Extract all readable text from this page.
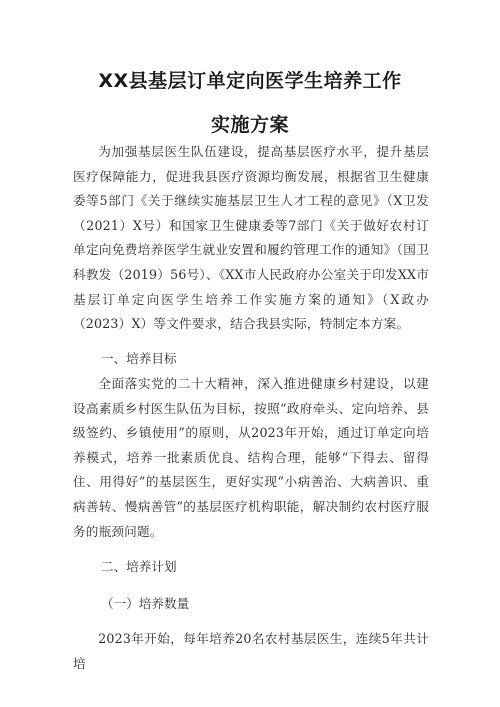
XX县基层订单定向医学生培养工作
实施方案

为加强基层医生队伍建设，提高基层医疗水平，提升基层医疗保障能力，促进我县医疗资源均衡发展，根据省卫生健康委等5部门《关于继续实施基层卫生人才工程的意见》（X卫发（2021）X号）和国家卫生健康委等7部门《关于做好农村订单定向免费培养医学生就业安置和履约管理工作的通知》（国卫科教发（2019）56号）、《XX市人民政府办公室关于印发XX市基层订单定向医学生培养工作实施方案的通知》（X政办（2023）X）等文件要求，结合我县实际，特制定本方案。

一、培养目标

全面落实党的二十大精神，深入推进健康乡村建设，以建设高素质乡村医生队伍为目标，按照“政府牵头、定向培养、县级签约、乡镇使用”的原则，从2023年开始，通过订单定向培养模式，培养一批素质优良、结构合理，能够“下得去、留得住、用得好”的基层医生，更好实现“小病善治、大病善识、重病善转、慢病善管”的基层医疗机构职能，解决制约农村医疗服务的瓶颈问题。

二、培养计划

（一）培养数量

2023年开始，每年培养20名农村基层医生，连续5年共计培
